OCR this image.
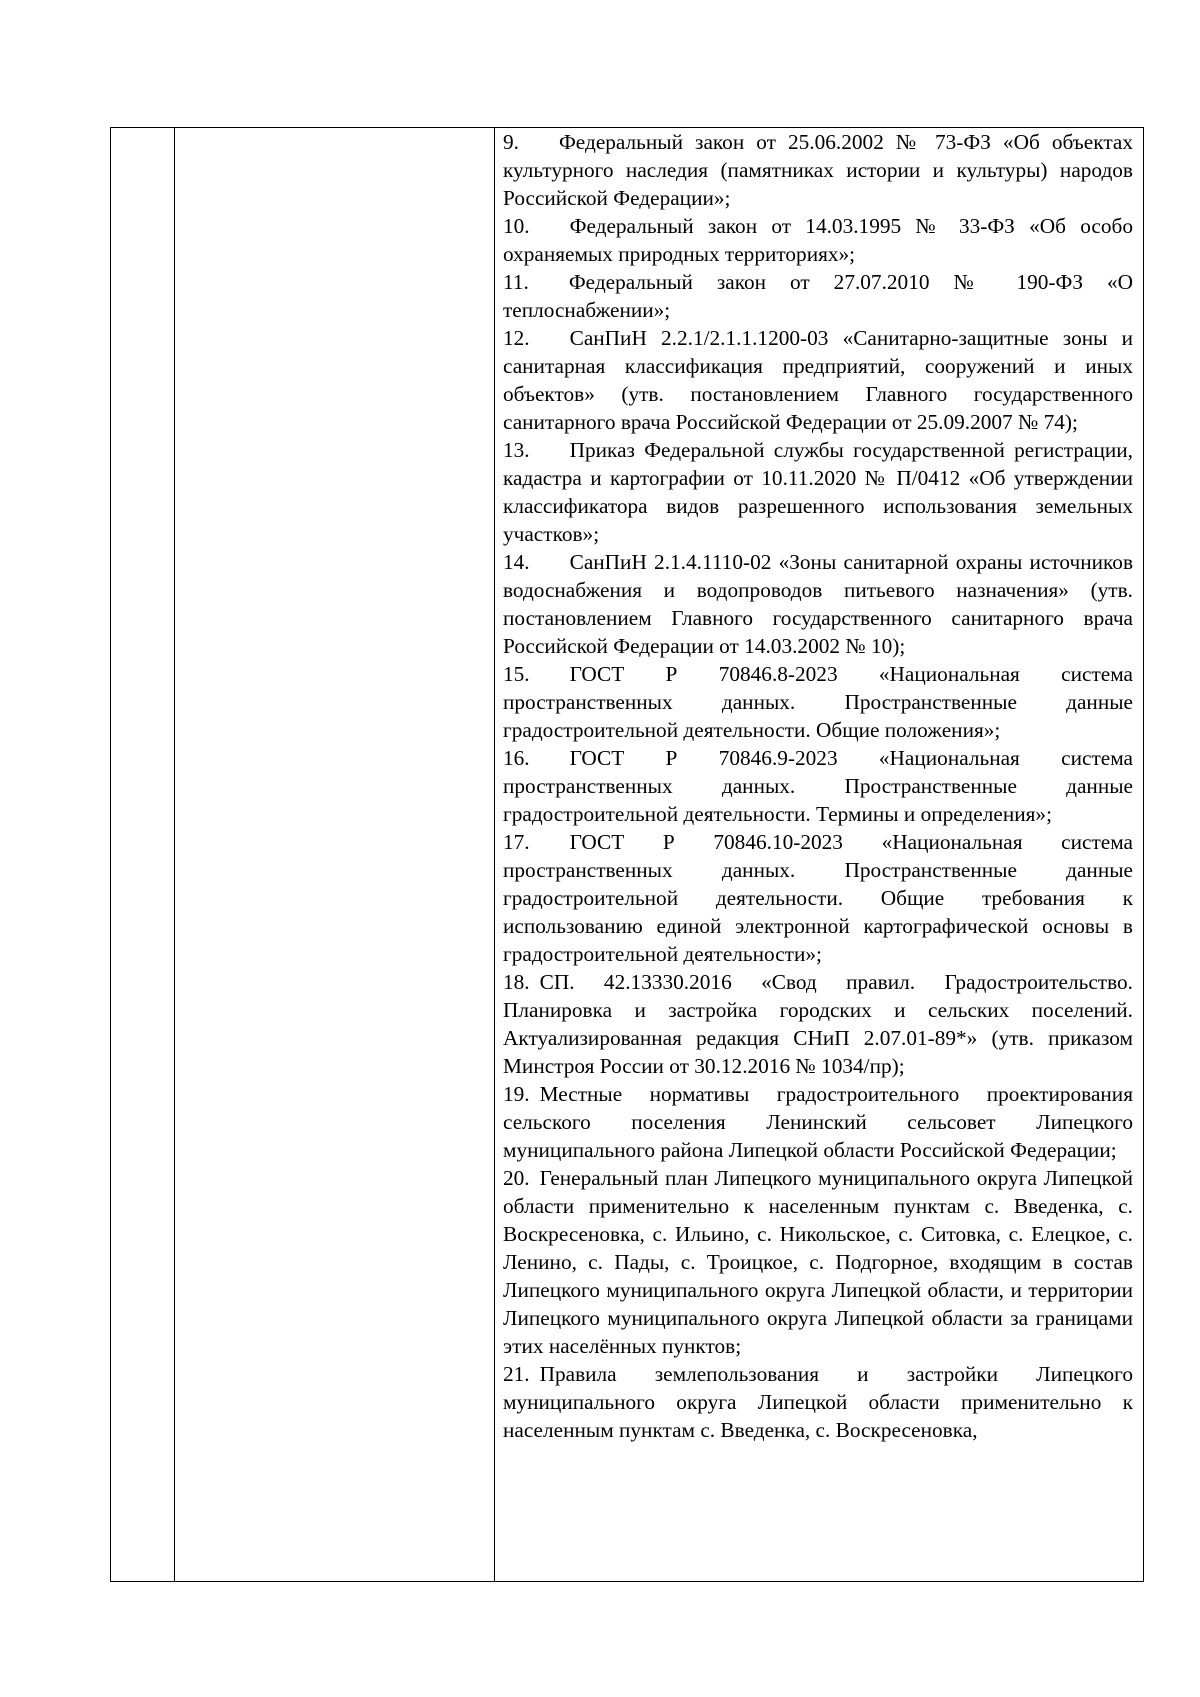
9. Федеральный закон от 25.06.2002 № 73-ФЗ «Об объектах культурного наследия (памятниках истории и культуры) народов Российской Федерации»;
10. Федеральный закон от 14.03.1995 № 33-ФЗ «Об особо охраняемых природных территориях»;
11. Федеральный закон от 27.07.2010 № 190-ФЗ «О теплоснабжении»;
12. СанПиН 2.2.1/2.1.1.1200-03 «Санитарно-защитные зоны и санитарная классификация предприятий, сооружений и иных объектов» (утв. постановлением Главного государственного санитарного врача Российской Федерации от 25.09.2007 № 74);
13. Приказ Федеральной службы государственной регистрации, кадастра и картографии от 10.11.2020 № П/0412 «Об утверждении классификатора видов разрешенного использования земельных участков»;
14. СанПиН 2.1.4.1110-02 «Зоны санитарной охраны источников водоснабжения и водопроводов питьевого назначения» (утв. постановлением Главного государственного санитарного врача Российской Федерации от 14.03.2002 № 10);
15. ГОСТ Р 70846.8-2023 «Национальная система пространственных данных. Пространственные данные градостроительной деятельности. Общие положения»;
16. ГОСТ Р 70846.9-2023 «Национальная система пространственных данных. Пространственные данные градостроительной деятельности. Термины и определения»;
17. ГОСТ Р 70846.10-2023 «Национальная система пространственных данных. Пространственные данные градостроительной деятельности. Общие требования к использованию единой электронной картографической основы в градостроительной деятельности»;
18. СП. 42.13330.2016 «Свод правил. Градостроительство. Планировка и застройка городских и сельских поселений. Актуализированная редакция СНиП 2.07.01-89*» (утв. приказом Минстроя России от 30.12.2016 № 1034/пр);
19. Местные нормативы градостроительного проектирования сельского поселения Ленинский сельсовет Липецкого муниципального района Липецкой области Российской Федерации;
20. Генеральный план Липецкого муниципального округа Липецкой области применительно к населенным пунктам с. Введенка, с. Воскресеновка, с. Ильино, с. Никольское, с. Ситовка, с. Елецкое, с. Ленино, с. Пады, с. Троицкое, с. Подгорное, входящим в состав Липецкого муниципального округа Липецкой области, и территории Липецкого муниципального округа Липецкой области за границами этих населённых пунктов;
21. Правила землепользования и застройки Липецкого муниципального округа Липецкой области применительно к населенным пунктам с. Введенка, с. Воскресеновка,
